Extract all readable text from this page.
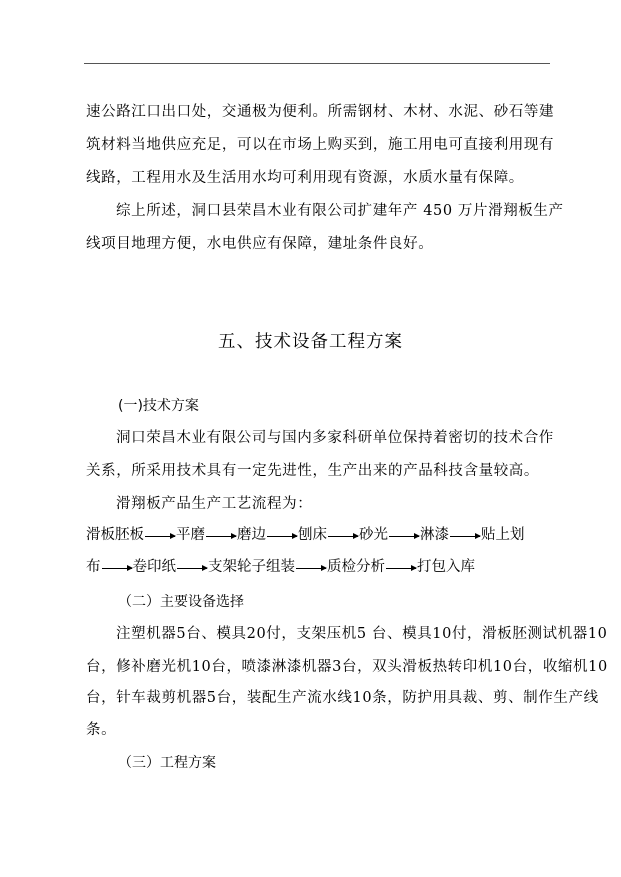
速公路江口出口处，交通极为便利。所需钢材、木材、水泥、砂石等建
筑材料当地供应充足，可以在市场上购买到，施工用电可直接利用现有
线路，工程用水及生活用水均可利用现有资源，水质水量有保障。
综上所述，洞口县荣昌木业有限公司扩建年产 450 万片滑翔板生产
线项目地理方便，水电供应有保障，建址条件良好。
五、技术设备工程方案
(一)技术方案
洞口荣昌木业有限公司与国内多家科研单位保持着密切的技术合作
关系，所采用技术具有一定先进性，生产出来的产品科技含量较高。
滑翔板产品生产工艺流程为：
滑板胚板 平磨 磨边 刨床 砂光 淋漆 贴上划
布 卷印纸 支架轮子组装 质检分析 打包入库
（二）主要设备选择
注塑机器5台、模具20付，支架压机5 台、模具10付，滑板胚测试机器10
台，修补磨光机10台，喷漆淋漆机器3台，双头滑板热转印机10台，收缩机10
台，针车裁剪机器5台，装配生产流水线10条，防护用具裁、剪、制作生产线
条。
（三）工程方案
